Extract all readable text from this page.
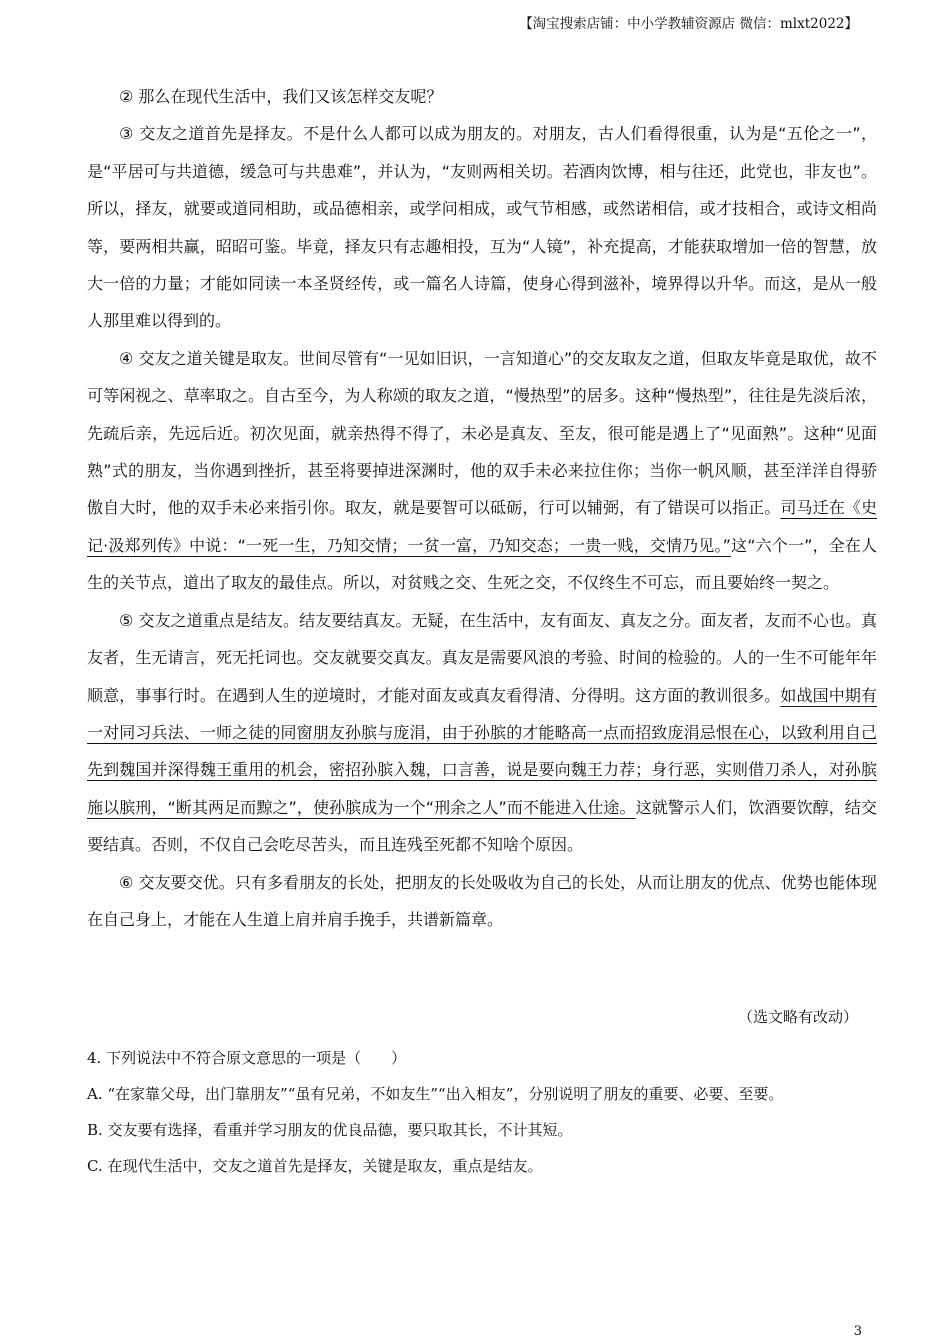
【淘宝搜索店铺：中小学教辅资源店 微信：mlxt2022】

② 那么在现代生活中，我们又该怎样交友呢？

③ 交友之道首先是择友。不是什么人都可以成为朋友的。对朋友，古人们看得很重，认为是“五伦之一”，是“平居可与共道德，缓急可与共患难”，并认为，“友则两相关切。若酒肉饮博，相与往还，此党也，非友也”。所以，择友，就要或道同相助，或品德相亲，或学问相成，或气节相感，或然诺相信，或才技相合，或诗文相尚等，要两相共赢，昭昭可鉴。毕竟，择友只有志趣相投，互为“人镜”，补充提高，才能获取增加一倍的智慧，放大一倍的力量；才能如同读一本圣贤经传，或一篇名人诗篇，使身心得到滋补，境界得以升华。而这，是从一般人那里难以得到的。

④ 交友之道关键是取友。世间尽管有“一见如旧识，一言知道心”的交友取友之道，但取友毕竟是取优，故不可等闲视之、草率取之。自古至今，为人称颂的取友之道，“慢热型”的居多。这种“慢热型”，往往是先淡后浓，先疏后亲，先远后近。初次见面，就亲热得不得了，未必是真友、至友，很可能是遇上了“见面熟”。这种“见面熟”式的朋友，当你遇到挫折，甚至将要掉进深渊时，他的双手未必来拉住你；当你一帆风顺，甚至洋洋自得骄傲自大时，他的双手未必来指引你。取友，就是要智可以砥砺，行可以辅弼，有了错误可以指正。司马迁在《史记·汲郑列传》中说：“一死一生，乃知交情；一贫一富，乃知交态；一贵一贱，交情乃见。”这“六个一”，全在人生的关节点，道出了取友的最佳点。所以，对贫贱之交、生死之交，不仅终生不可忘，而且要始终一契之。

⑤ 交友之道重点是结友。结友要结真友。无疑，在生活中，友有面友、真友之分。面友者，友而不心也。真友者，生无请言，死无托词也。交友就要交真友。真友是需要风浪的考验、时间的检验的。人的一生不可能年年顺意，事事行时。在遇到人生的逆境时，才能对面友或真友看得清、分得明。这方面的教训很多。如战国中期有一对同习兵法、一师之徒的同窗朋友孙膑与庞涓，由于孙膑的才能略高一点而招致庞涓忌恨在心，以致利用自己先到魏国并深得魏王重用的机会，密招孙膑入魏，口言善，说是要向魏王力荐；身行恶，实则借刀杀人，对孙膑施以膑刑，“断其两足而黥之”，使孙膑成为一个“刑余之人”而不能进入仕途。这就警示人们，饮酒要饮醇，结交要结真。否则，不仅自己会吃尽苦头，而且连残至死都不知啥个原因。

⑥ 交友要交优。只有多看朋友的长处，把朋友的长处吸收为自己的长处，从而让朋友的优点、优势也能体现在自己身上，才能在人生道上肩并肩手挽手，共谱新篇章。

（选文略有改动）
4. 下列说法中不符合原文意思的一项是（　　）
A. “在家靠父母，出门靠朋友”“虽有兄弟，不如友生”“出入相友”，分别说明了朋友的重要、必要、至要。
B. 交友要有选择，看重并学习朋友的优良品德，要只取其长，不计其短。
C. 在现代生活中，交友之道首先是择友，关键是取友，重点是结友。
3
